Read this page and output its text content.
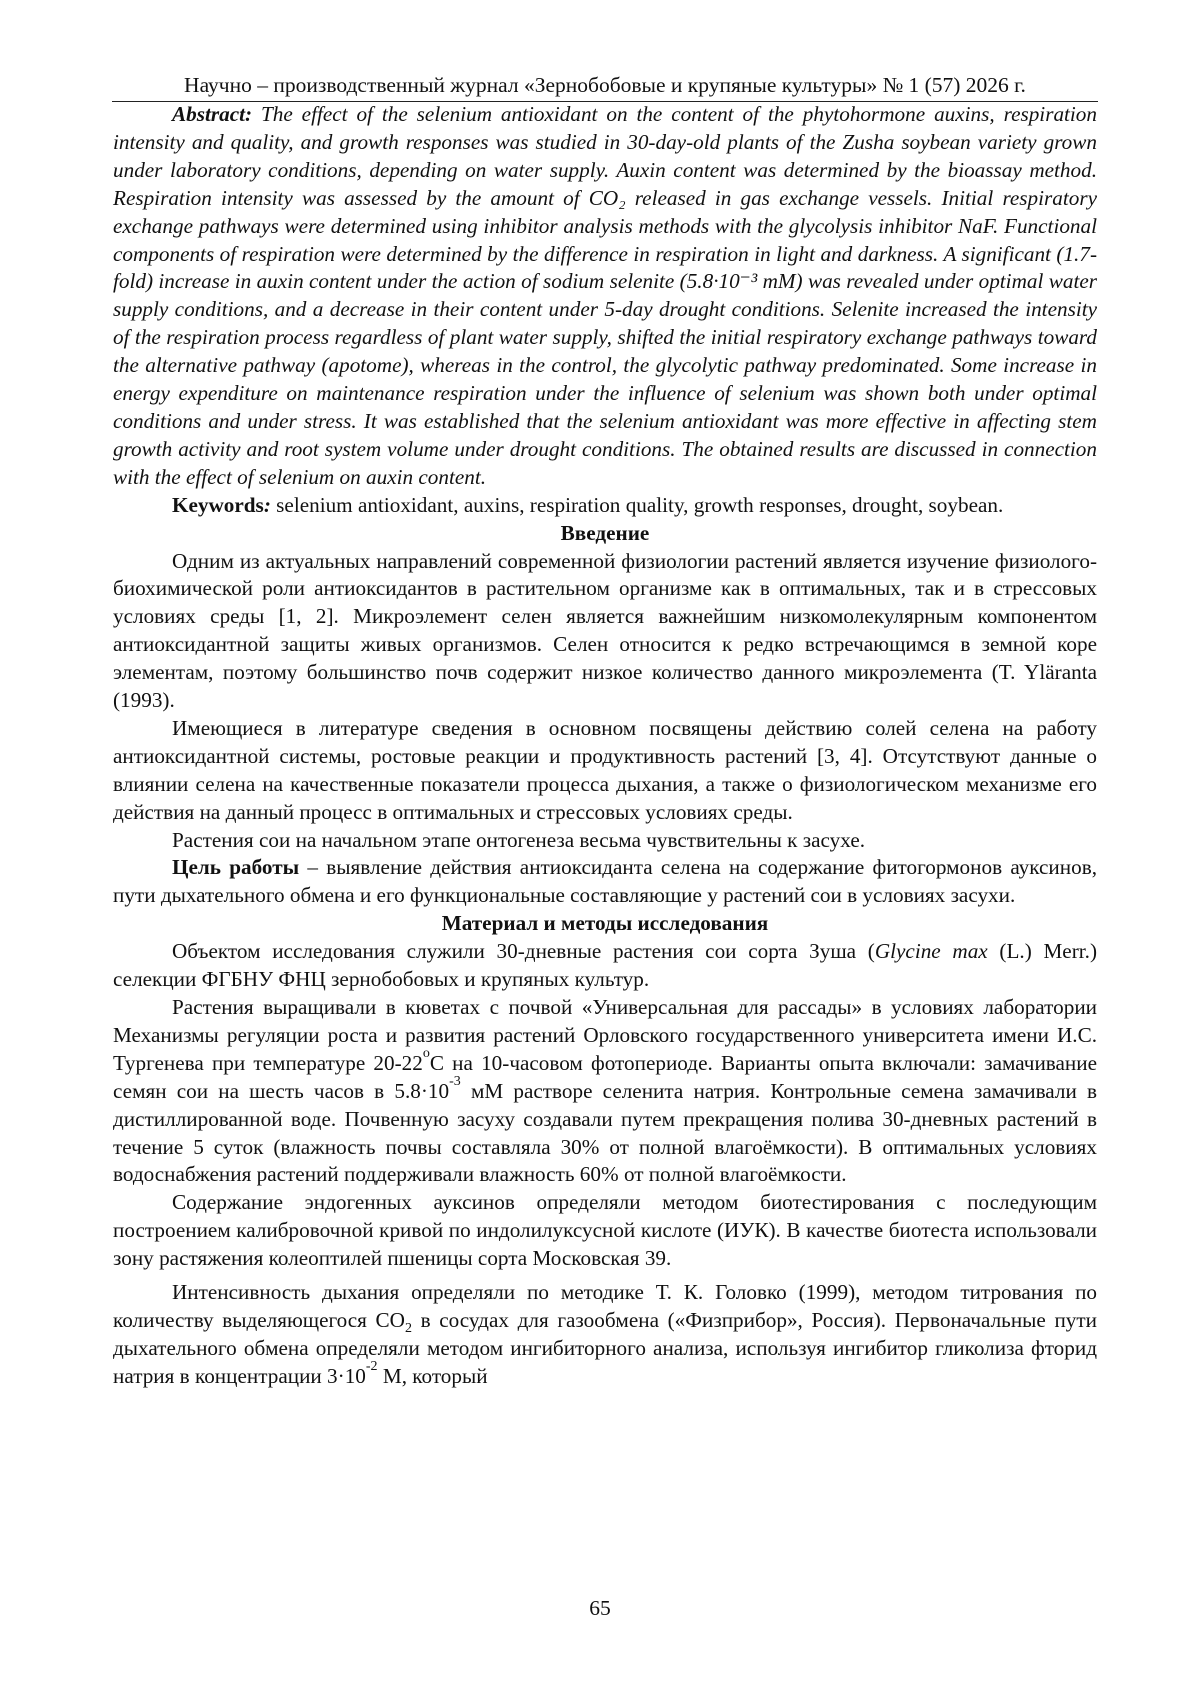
Научно – производственный журнал «Зернобобовые и крупяные культуры» № 1 (57) 2026 г.

Abstract: The effect of the selenium antioxidant on the content of the phytohormone auxins, respiration intensity and quality, and growth responses was studied in 30-day-old plants of the Zusha soybean variety grown under laboratory conditions, depending on water supply. Auxin content was determined by the bioassay method. Respiration intensity was assessed by the amount of CO₂ released in gas exchange vessels. Initial respiratory exchange pathways were determined using inhibitor analysis methods with the glycolysis inhibitor NaF. Functional components of respiration were determined by the difference in respiration in light and darkness. A significant (1.7-fold) increase in auxin content under the action of sodium selenite (5.8·10⁻³ mM) was revealed under optimal water supply conditions, and a decrease in their content under 5-day drought conditions. Selenite increased the intensity of the respiration process regardless of plant water supply, shifted the initial respiratory exchange pathways toward the alternative pathway (apotome), whereas in the control, the glycolytic pathway predominated. Some increase in energy expenditure on maintenance respiration under the influence of selenium was shown both under optimal conditions and under stress. It was established that the selenium antioxidant was more effective in affecting stem growth activity and root system volume under drought conditions. The obtained results are discussed in connection with the effect of selenium on auxin content.

Keywords: selenium antioxidant, auxins, respiration quality, growth responses, drought, soybean.

Введение

Одним из актуальных направлений современной физиологии растений является изучение физиолого-биохимической роли антиоксидантов в растительном организме как в оптимальных, так и в стрессовых условиях среды [1, 2]. Микроэлемент селен является важнейшим низкомолекулярным компонентом антиоксидантной защиты живых организмов. Селен относится к редко встречающимся в земной коре элементам, поэтому большинство почв содержит низкое количество данного микроэлемента (T. Yläranta (1993).

Имеющиеся в литературе сведения в основном посвящены действию солей селена на работу антиоксидантной системы, ростовые реакции и продуктивность растений [3, 4]. Отсутствуют данные о влиянии селена на качественные показатели процесса дыхания, а также о физиологическом механизме его действия на данный процесс в оптимальных и стрессовых условиях среды.

Растения сои на начальном этапе онтогенеза весьма чувствительны к засухе.

Цель работы – выявление действия антиоксиданта селена на содержание фитогормонов ауксинов, пути дыхательного обмена и его функциональные составляющие у растений сои в условиях засухи.

Материал и методы исследования

Объектом исследования служили 30-дневные растения сои сорта Зуша (Glycine max (L.) Merr.) селекции ФГБНУ ФНЦ зернобобовых и крупяных культур.

Растения выращивали в кюветах с почвой «Универсальная для рассады» в условиях лаборатории Механизмы регуляции роста и развития растений Орловского государственного университета имени И.С. Тургенева при температуре 20-22$^o$С на 10-часовом фотопериоде. Варианты опыта включали: замачивание семян сои на шесть часов в $5.8\cdot 10^{-3}$ мМ растворе селенита натрия. Контрольные семена замачивали в дистиллированной воде. Почвенную засуху создавали путем прекращения полива 30-дневных растений в течение 5 суток (влажность почвы составляла 30% от полной влагоёмкости). В оптимальных условиях водоснабжения растений поддерживали влажность 60% от полной влагоёмкости.

Содержание эндогенных ауксинов определяли методом биотестирования с последующим построением калибровочной кривой по индолилуксусной кислоте (ИУК). В качестве биотеста использовали зону растяжения колеоптилей пшеницы сорта Московская 39.

Интенсивность дыхания определяли по методике Т. К. Головко (1999), методом титрования по количеству выделяющегося $СО_2$ в сосудах для газообмена («Физприбор», Россия). Первоначальные пути дыхательного обмена определяли методом ингибиторного анализа, используя ингибитор гликолиза фторид натрия в концентрации $3\cdot 10^{-2}$ М, который

65
